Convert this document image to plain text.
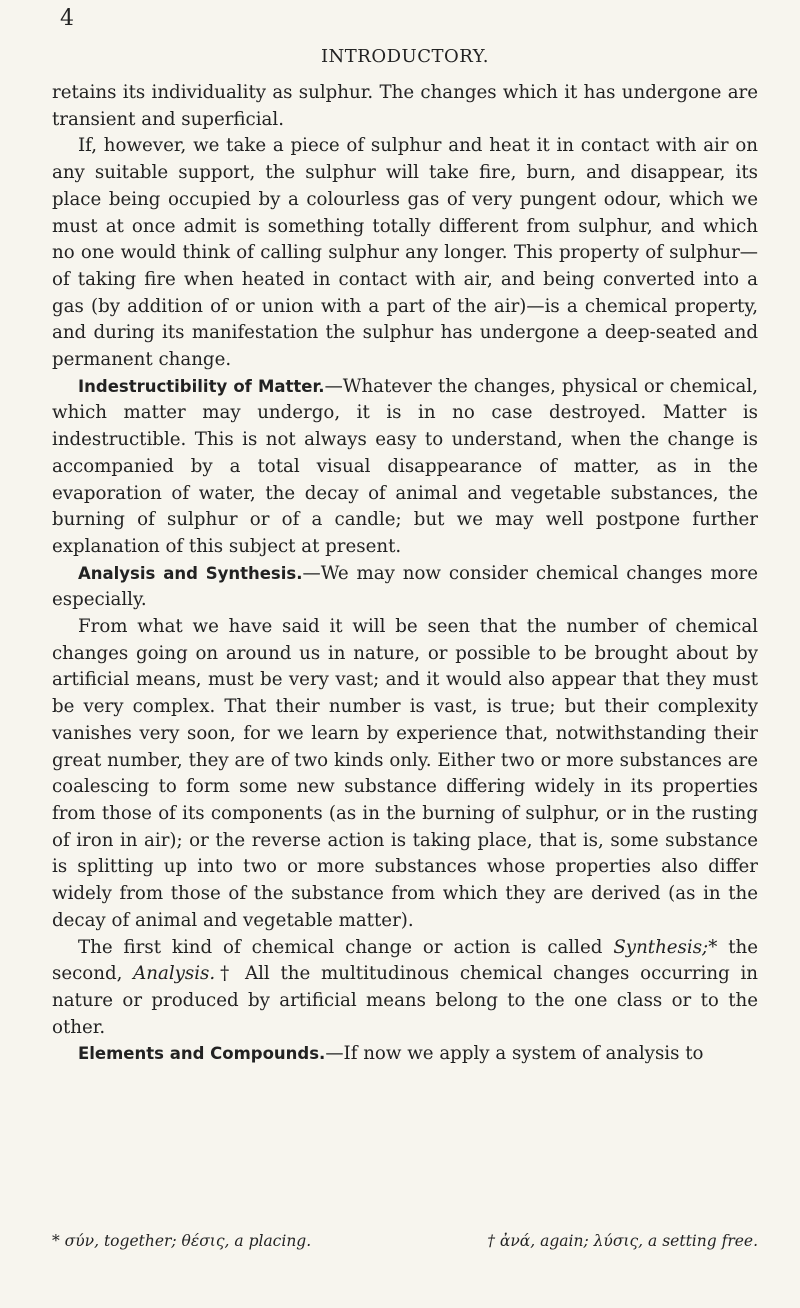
4
INTRODUCTORY.

retains its individuality as sulphur. The changes which it has undergone are transient and superficial.

If, however, we take a piece of sulphur and heat it in contact with air on any suitable support, the sulphur will take fire, burn, and disappear, its place being occupied by a colourless gas of very pungent odour, which we must at once admit is something totally different from sulphur, and which no one would think of calling sulphur any longer. This property of sulphur—of taking fire when heated in contact with air, and being converted into a gas (by addition of or union with a part of the air)—is a chemical property, and during its manifestation the sulphur has undergone a deep-seated and permanent change.

Indestructibility of Matter.—Whatever the changes, physical or chemical, which matter may undergo, it is in no case destroyed. Matter is indestructible. This is not always easy to understand, when the change is accompanied by a total visual disappearance of matter, as in the evaporation of water, the decay of animal and vegetable substances, the burning of sulphur or of a candle; but we may well postpone further explanation of this subject at present.

Analysis and Synthesis.—We may now consider chemical changes more especially.

From what we have said it will be seen that the number of chemical changes going on around us in nature, or possible to be brought about by artificial means, must be very vast; and it would also appear that they must be very complex. That their number is vast, is true; but their complexity vanishes very soon, for we learn by experience that, notwithstanding their great number, they are of two kinds only. Either two or more substances are coalescing to form some new substance differing widely in its properties from those of its components (as in the burning of sulphur, or in the rusting of iron in air); or the reverse action is taking place, that is, some substance is splitting up into two or more substances whose properties also differ widely from those of the substance from which they are derived (as in the decay of animal and vegetable matter).

The first kind of chemical change or action is called Synthesis;* the second, Analysis.† All the multitudinous chemical changes occurring in nature or produced by artificial means belong to the one class or to the other.

Elements and Compounds.—If now we apply a system of analysis to

* σύν, together; θέσις, a placing.	† ἀνά, again; λύσις, a setting free.
